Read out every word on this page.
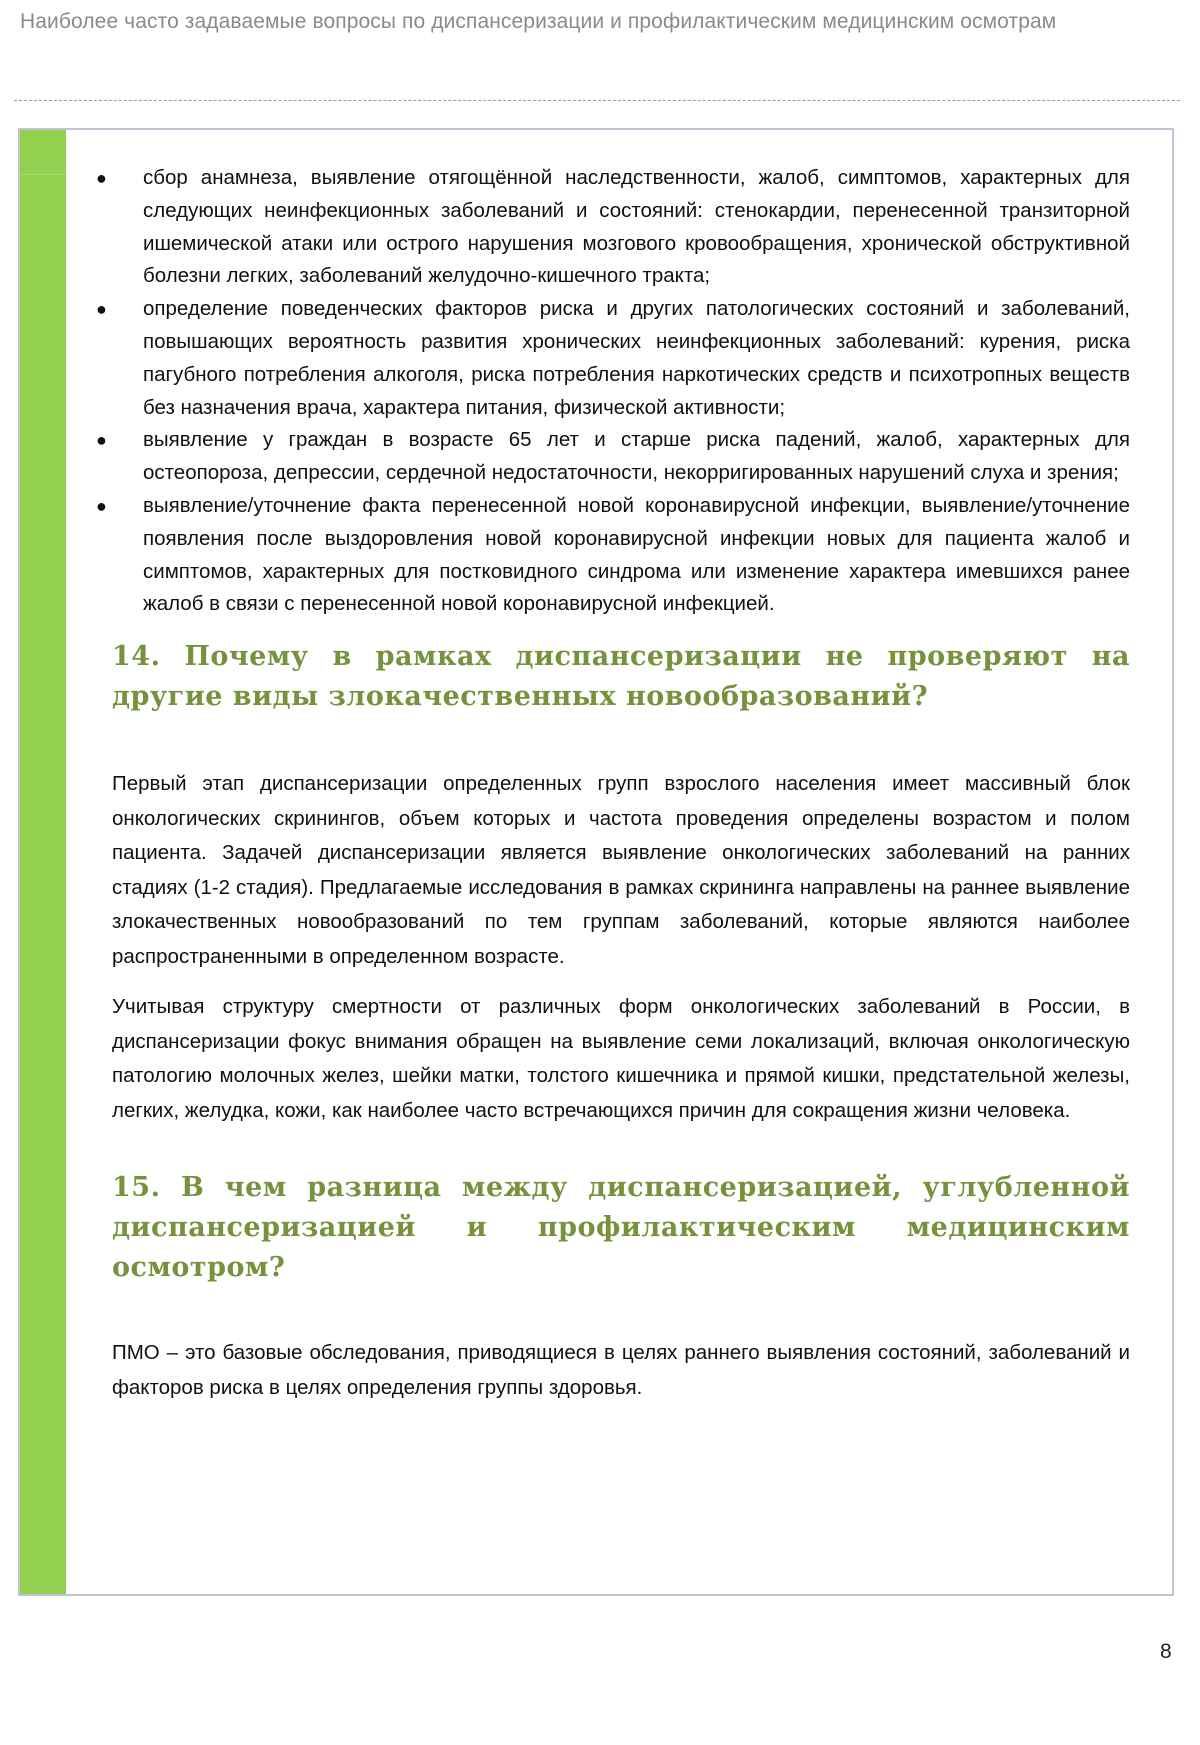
Наиболее часто задаваемые вопросы по диспансеризации и профилактическим медицинским осмотрам
● сбор анамнеза, выявление отягощённой наследственности, жалоб, симптомов, характерных для следующих неинфекционных заболеваний и состояний: стенокардии, перенесенной транзиторной ишемической атаки или острого нарушения мозгового кровообращения, хронической обструктивной болезни легких, заболеваний желудочно-кишечного тракта;
● определение поведенческих факторов риска и других патологических состояний и заболеваний, повышающих вероятность развития хронических неинфекционных заболеваний: курения, риска пагубного потребления алкоголя, риска потребления наркотических средств и психотропных веществ без назначения врача, характера питания, физической активности;
● выявление у граждан в возрасте 65 лет и старше риска падений, жалоб, характерных для остеопороза, депрессии, сердечной недостаточности, некорригированных нарушений слуха и зрения;
● выявление/уточнение факта перенесенной новой коронавирусной инфекции, выявление/уточнение появления после выздоровления новой коронавирусной инфекции новых для пациента жалоб и симптомов, характерных для постковидного синдрома или изменение характера имевшихся ранее жалоб в связи с перенесенной новой коронавирусной инфекцией.
14. Почему в рамках диспансеризации не проверяют на другие виды злокачественных новообразований?

Первый этап диспансеризации определенных групп взрослого населения имеет массивный блок онкологических скринингов, объем которых и частота проведения определены возрастом и полом пациента. Задачей диспансеризации является выявление онкологических заболеваний на ранних стадиях (1-2 стадия). Предлагаемые исследования в рамках скрининга направлены на раннее выявление злокачественных новообразований по тем группам заболеваний, которые являются наиболее распространенными в определенном возрасте.

Учитывая структуру смертности от различных форм онкологических заболеваний в России, в диспансеризации фокус внимания обращен на выявление семи локализаций, включая онкологическую патологию молочных желез, шейки матки, толстого кишечника и прямой кишки, предстательной железы, легких, желудка, кожи, как наиболее часто встречающихся причин для сокращения жизни человека.

15. В чем разница между диспансеризацией, углубленной диспансеризацией и профилактическим медицинским осмотром?

ПМО – это базовые обследования, приводящиеся в целях раннего выявления состояний, заболеваний и факторов риска в целях определения группы здоровья.

8
